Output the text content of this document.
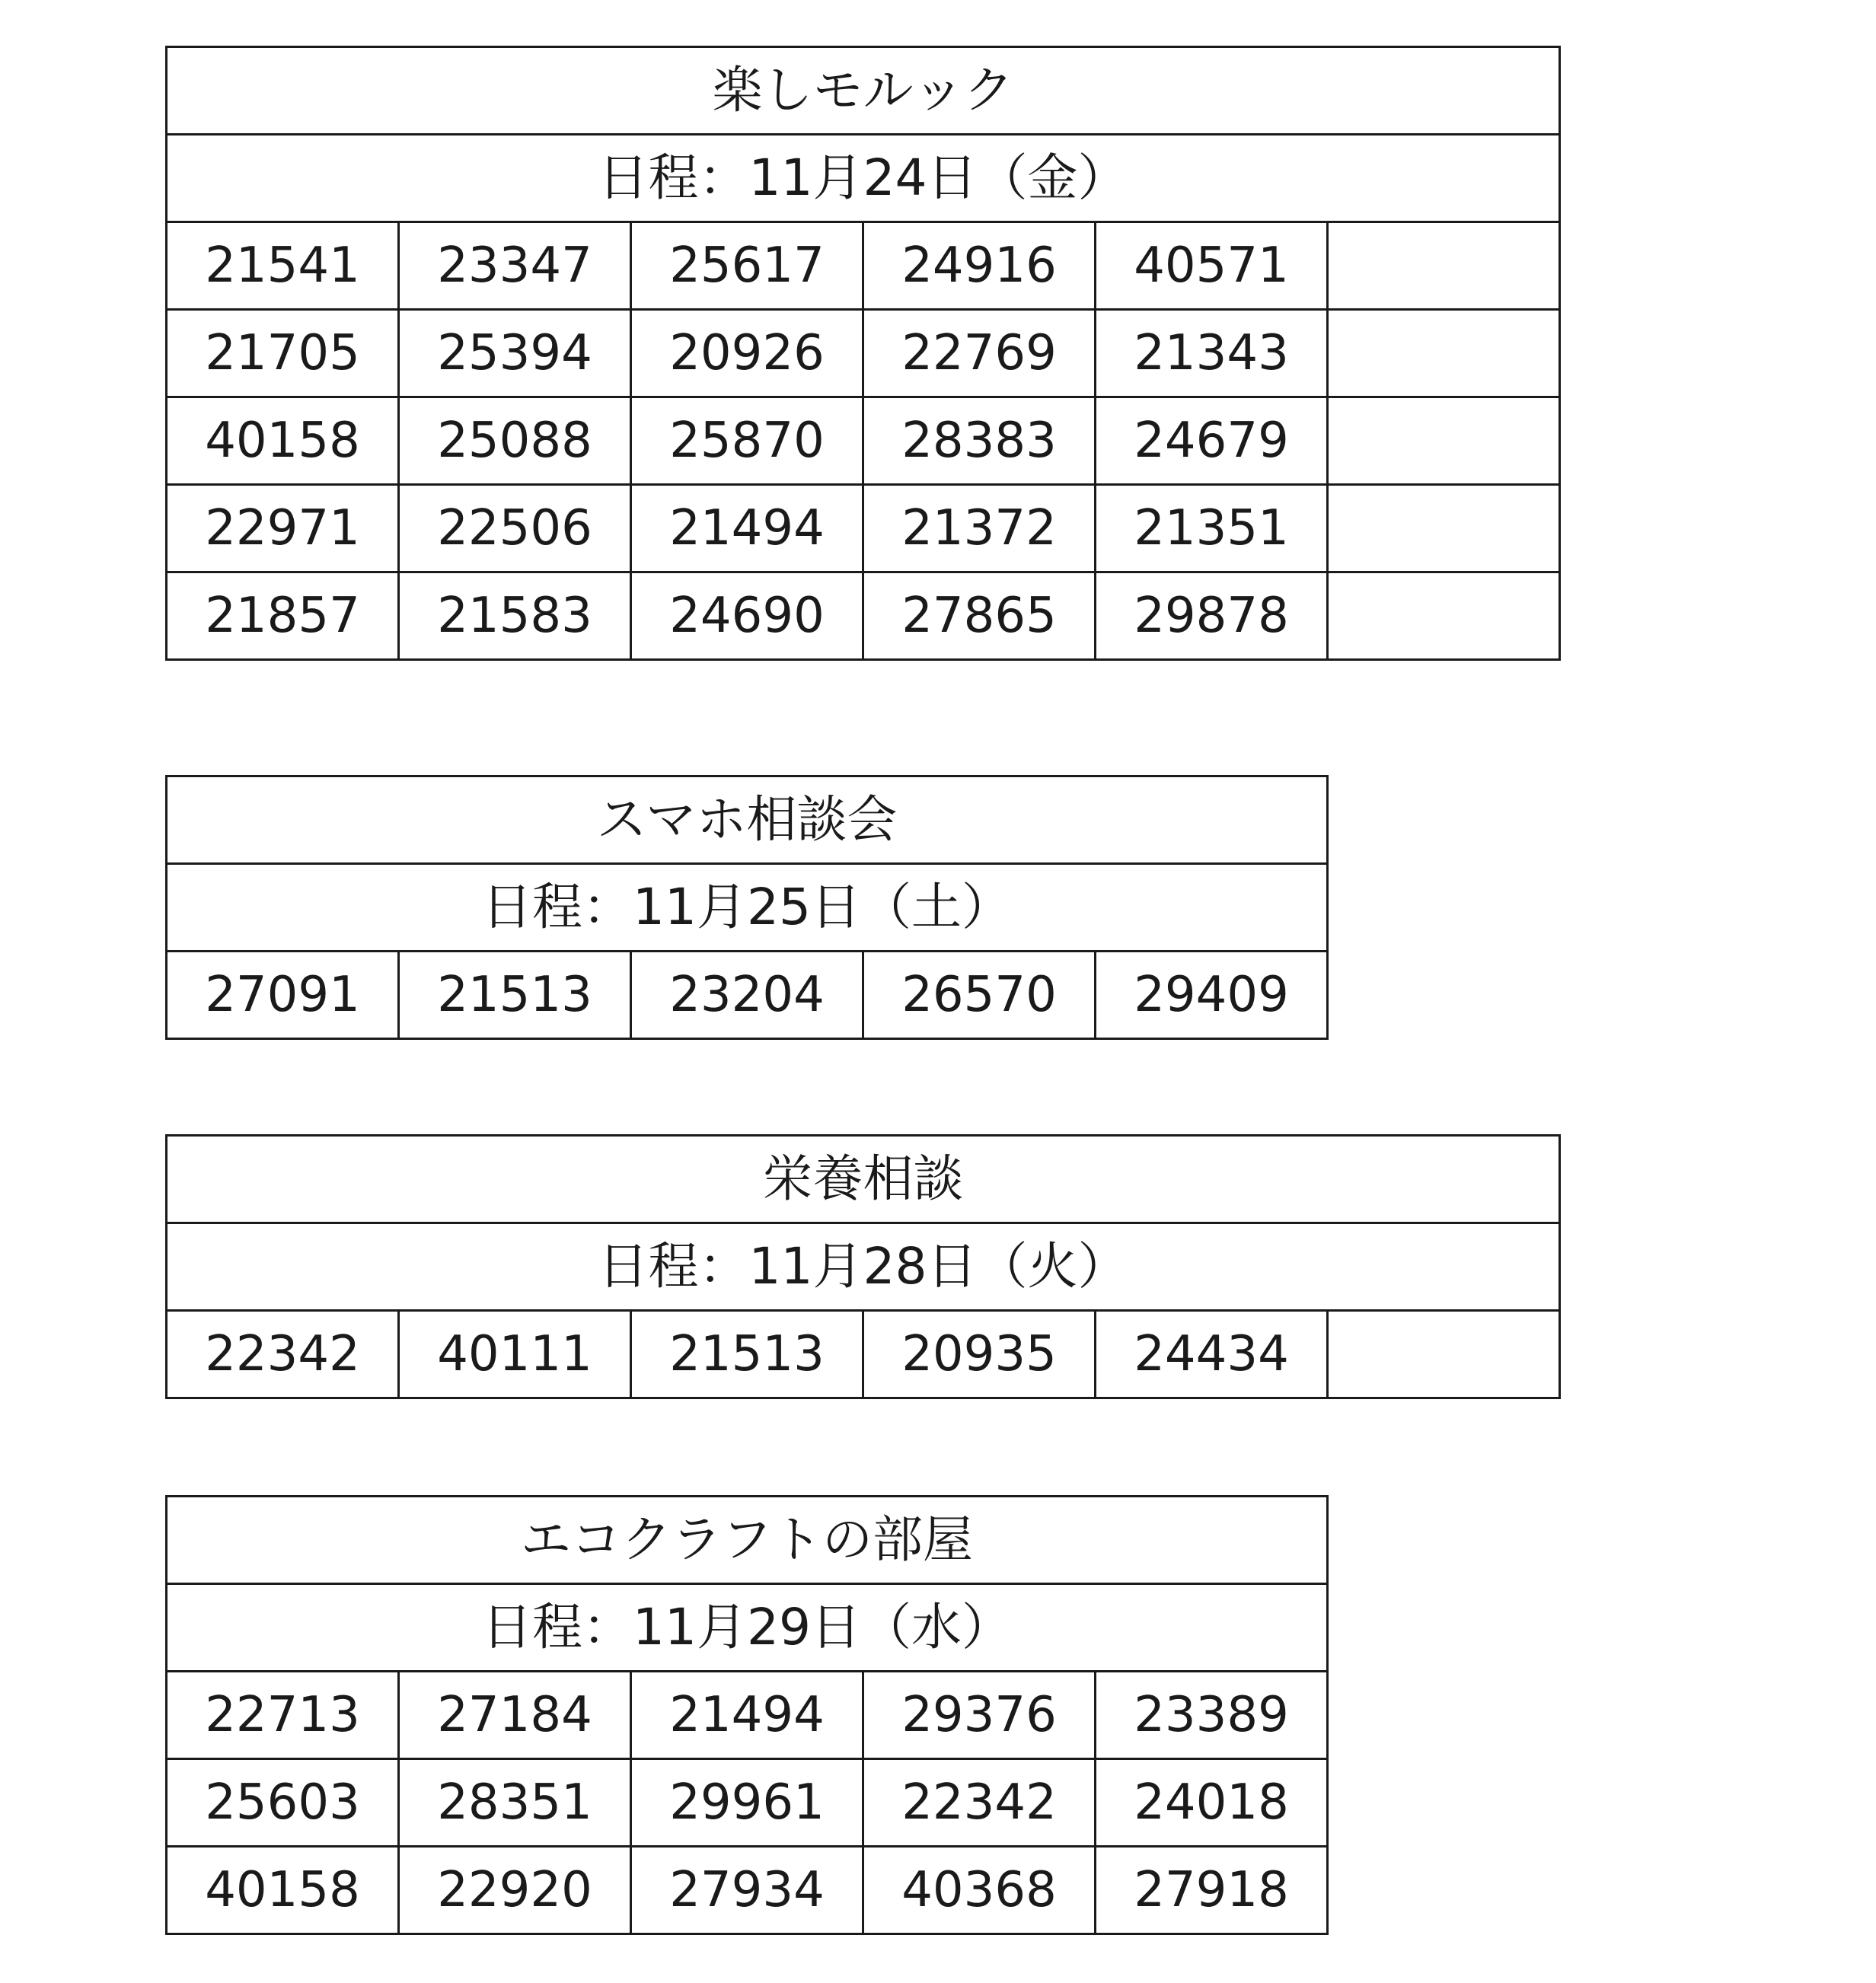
楽しモルック					
日程：11月24日（金）					
21541	23347	25617	24916	40571	
21705	25394	20926	22769	21343	
40158	25088	25870	28383	24679	
22971	22506	21494	21372	21351	
21857	21583	24690	27865	29878	
スマホ相談会
日程：11月25日（土）
27091	21513	23204	26570	29409
栄養相談
日程：11月28日（火）
22342	40111	21513	20935	24434	
エコクラフトの部屋				
日程：11月29日（水）				
22713	27184	21494	29376	23389
25603	28351	29961	22342	24018
40158	22920	27934	40368	27918
